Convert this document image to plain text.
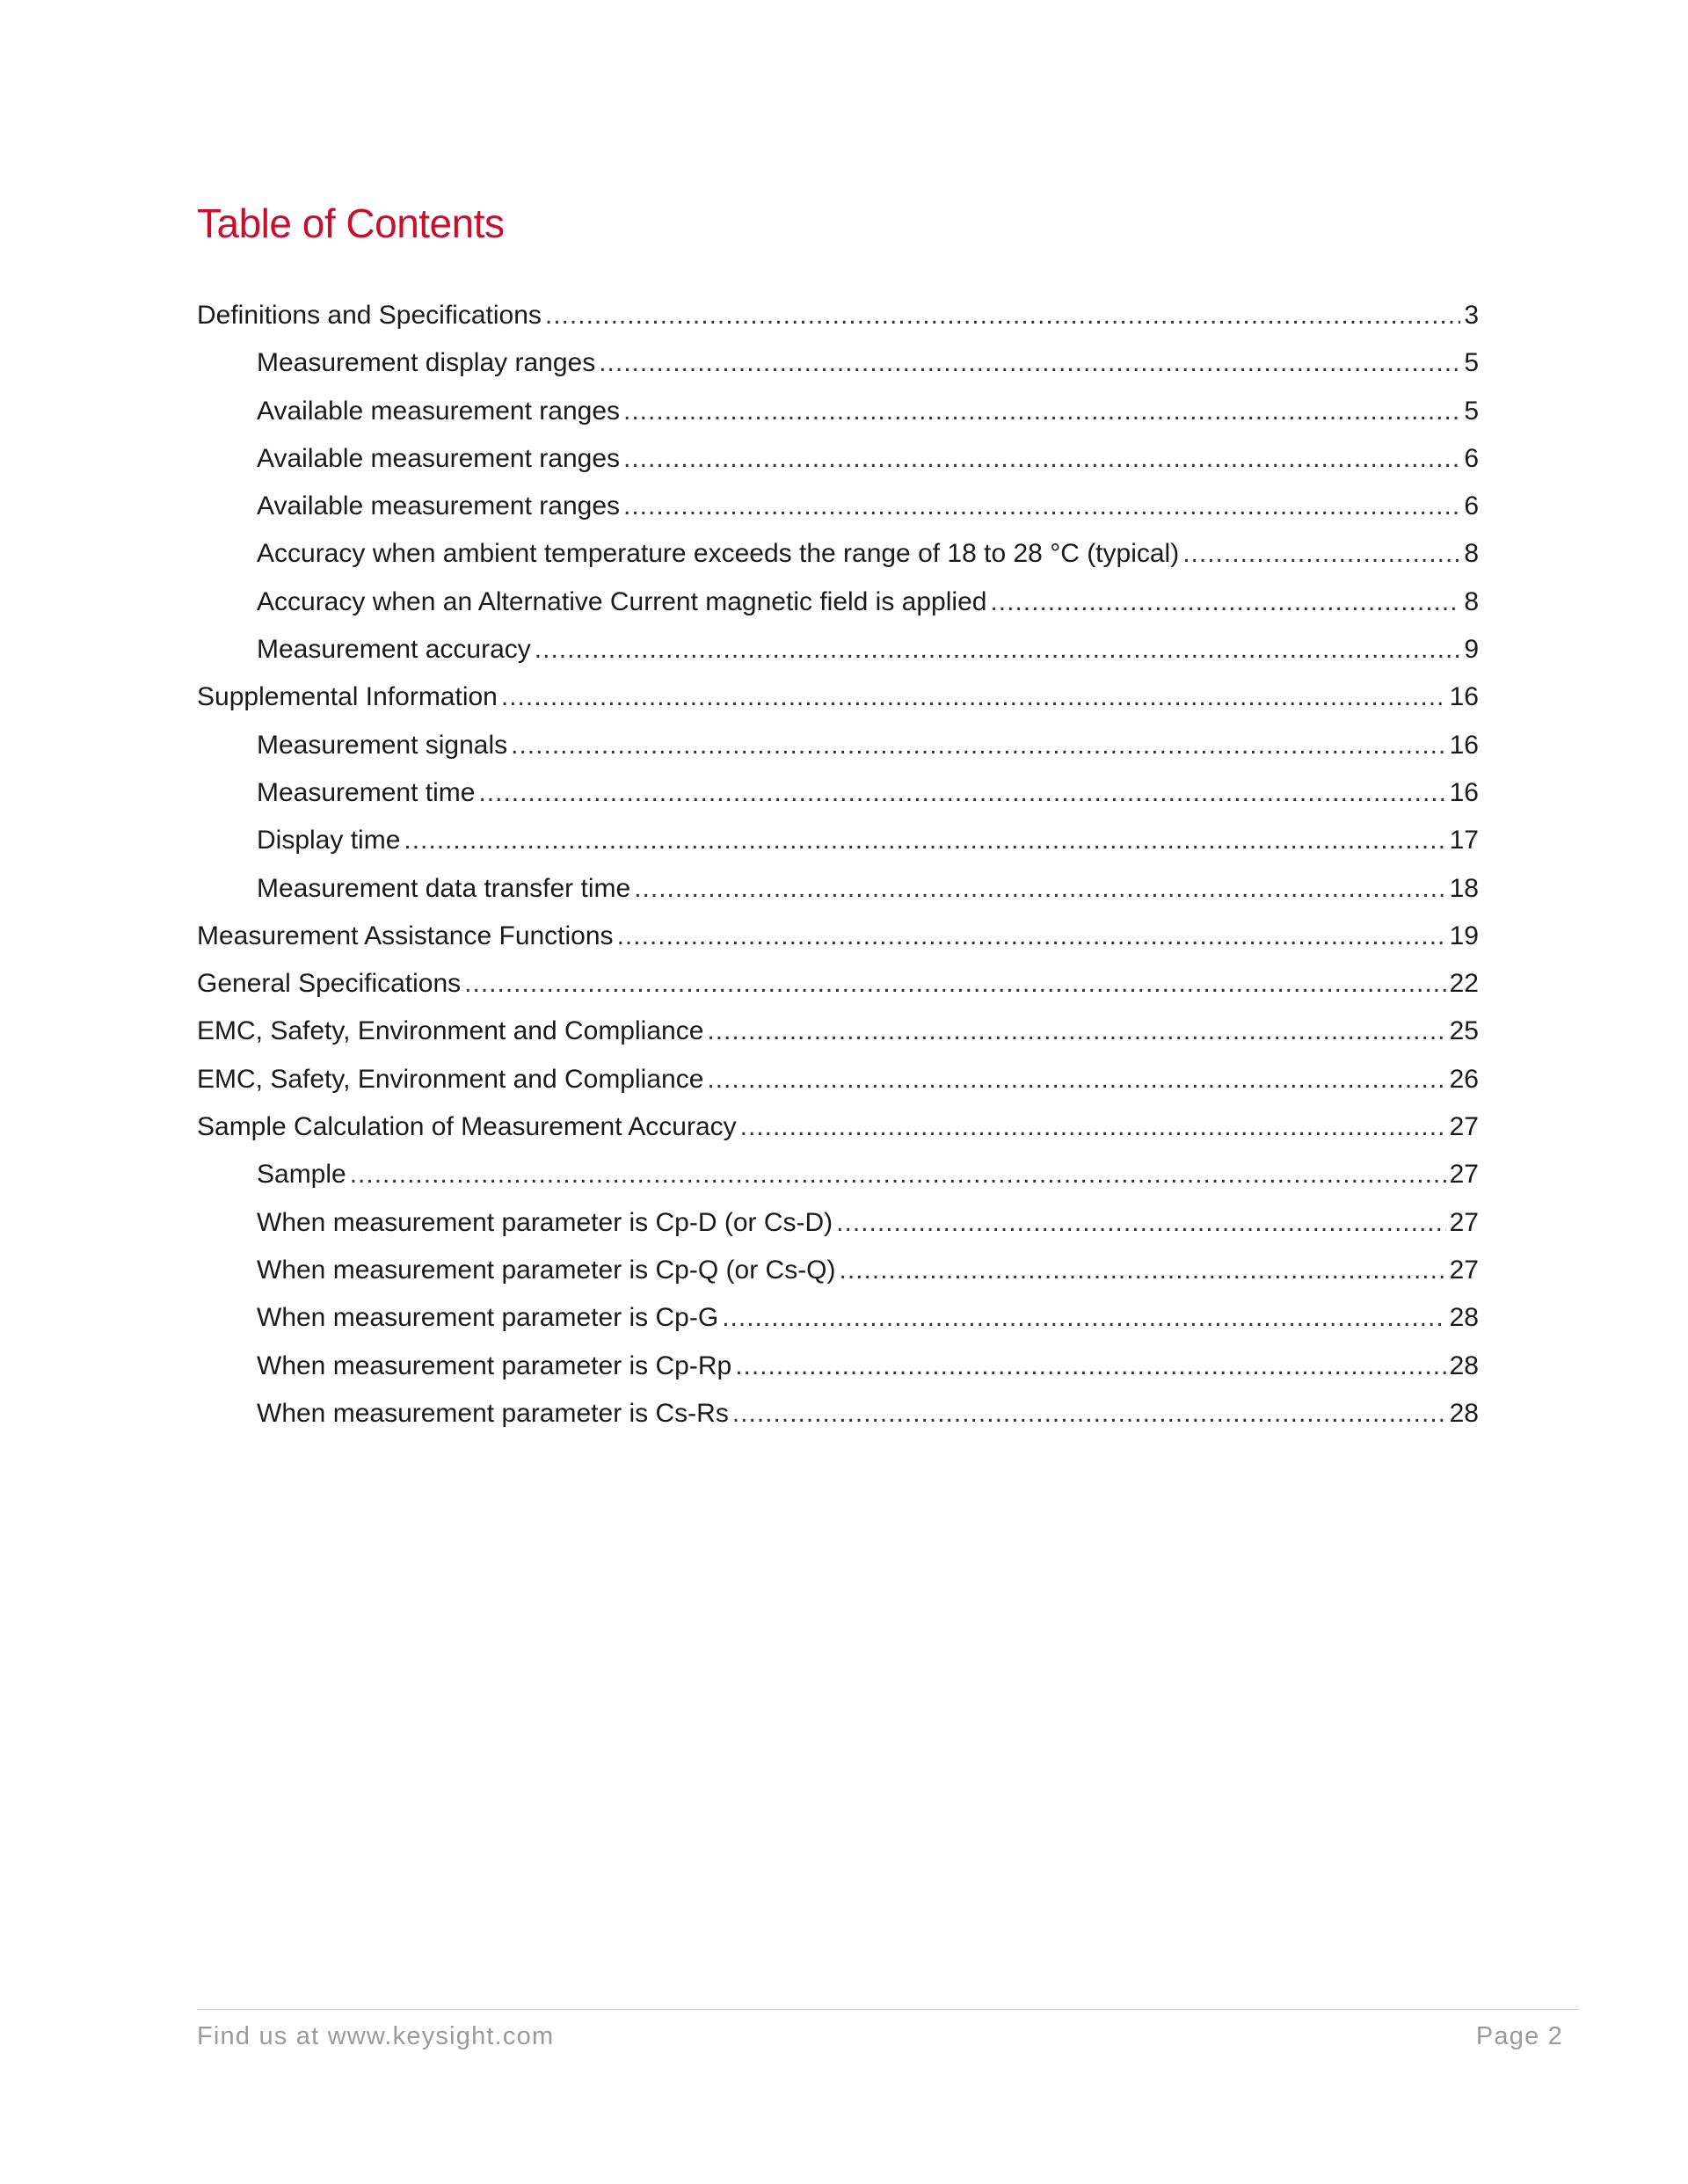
Table of Contents
Definitions and Specifications .....	3
Measurement display ranges .....	5
Available measurement ranges .....	5
Available measurement ranges .....	6
Available measurement ranges .....	6
Accuracy when ambient temperature exceeds the range of 18 to 28 °C (typical) .....	8
Accuracy when an Alternative Current magnetic field is applied .....	8
Measurement accuracy .....	9
Supplemental Information .....	16
Measurement signals .....	16
Measurement time .....	16
Display time .....	17
Measurement data transfer time .....	18
Measurement Assistance Functions .....	19
General Specifications .....	22
EMC, Safety, Environment and Compliance .....	25
EMC, Safety, Environment and Compliance .....	26
Sample Calculation of Measurement Accuracy .....	27
Sample .....	27
When measurement parameter is Cp-D (or Cs-D) .....	27
When measurement parameter is Cp-Q (or Cs-Q) .....	27
When measurement parameter is Cp-G .....	28
When measurement parameter is Cp-Rp .....	28
When measurement parameter is Cs-Rs .....	28
Find us at www.keysight.com	Page 2
